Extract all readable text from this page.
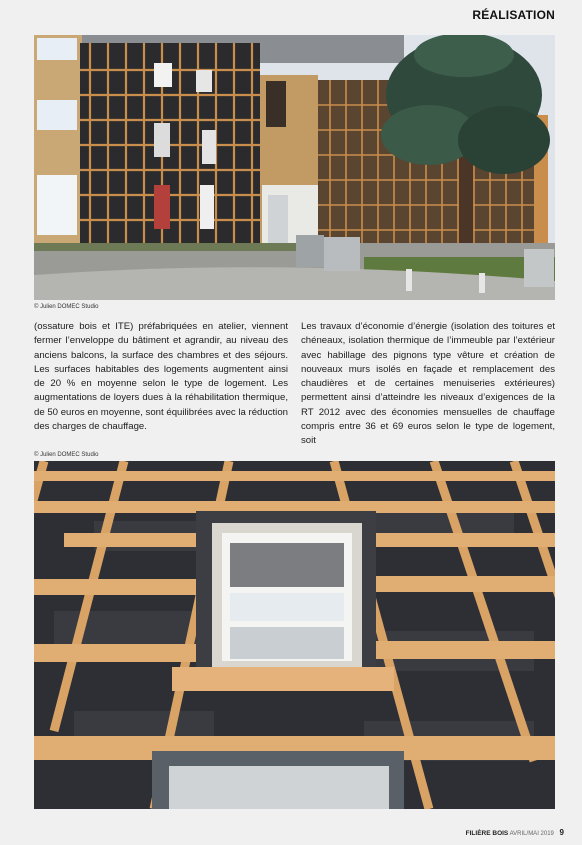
RÉALISATION
© Julien DOMEC Studio
(ossature bois et ITE) préfabriquées en atelier, viennent fermer l’enveloppe du bâtiment et agrandir, au niveau des anciens balcons, la surface des chambres et des séjours. Les surfaces habitables des logements augmentent ainsi de 20 % en moyenne selon le type de logement. Les augmentations de loyers dues à la réhabilitation thermique, de 50 euros en moyenne, sont équilibrées avec la réduction des charges de chauffage.
Les travaux d’économie d’énergie (isolation des toitures et chéneaux, isolation thermique de l’immeuble par l’extérieur avec habillage des pignons type vêture et création de nouveaux murs isolés en façade et remplacement des chaudières et de certaines menuiseries extérieures) permettent ainsi d’atteindre les niveaux d’exigences de la RT 2012 avec des économies mensuelles de chauffage compris entre 36 et 69 euros selon le type de logement, soit
© Julien DOMEC Studio
FILIÈRE BOIS AVRIL/MAI 2019 9
